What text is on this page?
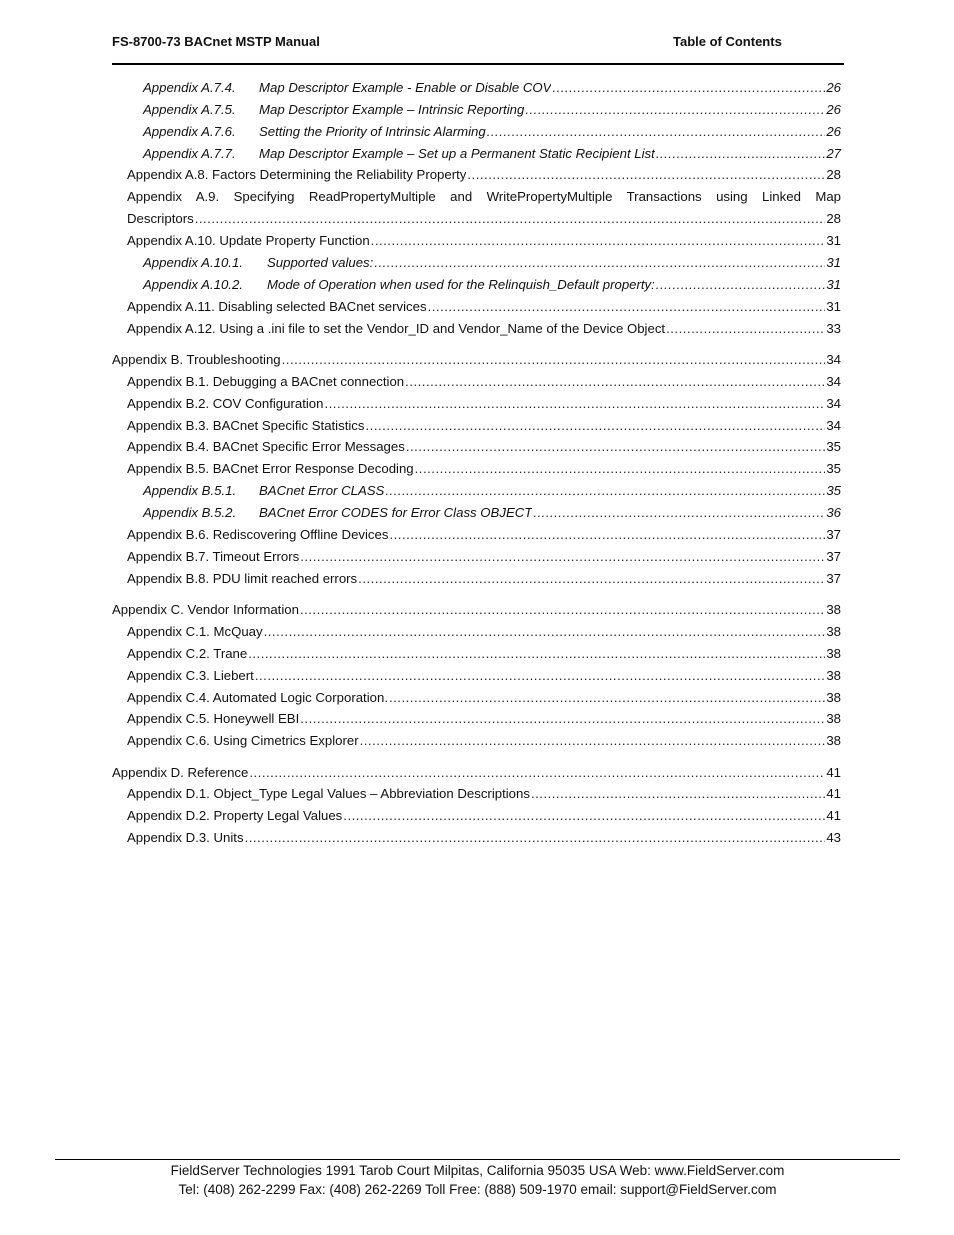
FS-8700-73 BACnet MSTP Manual	Table of Contents
Appendix A.7.4.	Map Descriptor Example - Enable or Disable COV .....	26
Appendix A.7.5.	Map Descriptor Example – Intrinsic Reporting .....	26
Appendix A.7.6.	Setting the Priority of Intrinsic Alarming .....	26
Appendix A.7.7.	Map Descriptor Example – Set up a Permanent Static Recipient List .....	27
Appendix A.8. Factors Determining the Reliability Property .....	28
Appendix A.9. Specifying ReadPropertyMultiple and WritePropertyMultiple Transactions using Linked Map
Descriptors .....	28
Appendix A.10. Update Property Function .....	31
Appendix A.10.1.	Supported values: .....	31
Appendix A.10.2.	Mode of Operation when used for the Relinquish_Default property: .....	31
Appendix A.11. Disabling selected BACnet services .....	31
Appendix A.12. Using a .ini file to set the Vendor_ID and Vendor_Name of the Device Object .....	33
Appendix B. Troubleshooting .....	34
Appendix B.1. Debugging a BACnet connection .....	34
Appendix B.2. COV Configuration .....	34
Appendix B.3. BACnet Specific Statistics .....	34
Appendix B.4. BACnet Specific Error Messages .....	35
Appendix B.5. BACnet Error Response Decoding .....	35
Appendix B.5.1.	BACnet Error CLASS .....	35
Appendix B.5.2.	BACnet Error CODES for Error Class OBJECT .....	36
Appendix B.6. Rediscovering Offline Devices .....	37
Appendix B.7. Timeout Errors .....	37
Appendix B.8. PDU limit reached errors .....	37
Appendix C. Vendor Information .....	38
Appendix C.1. McQuay .....	38
Appendix C.2. Trane .....	38
Appendix C.3. Liebert .....	38
Appendix C.4. Automated Logic Corporation. .....	38
Appendix C.5. Honeywell EBI .....	38
Appendix C.6. Using Cimetrics Explorer .....	38
Appendix D. Reference .....	41
Appendix D.1. Object_Type Legal Values – Abbreviation Descriptions .....	41
Appendix D.2. Property Legal Values .....	41
Appendix D.3. Units .....	43
FieldServer Technologies 1991 Tarob Court Milpitas, California 95035 USA Web: www.FieldServer.com
Tel: (408) 262-2299 Fax: (408) 262-2269 Toll Free: (888) 509-1970 email: support@FieldServer.com
